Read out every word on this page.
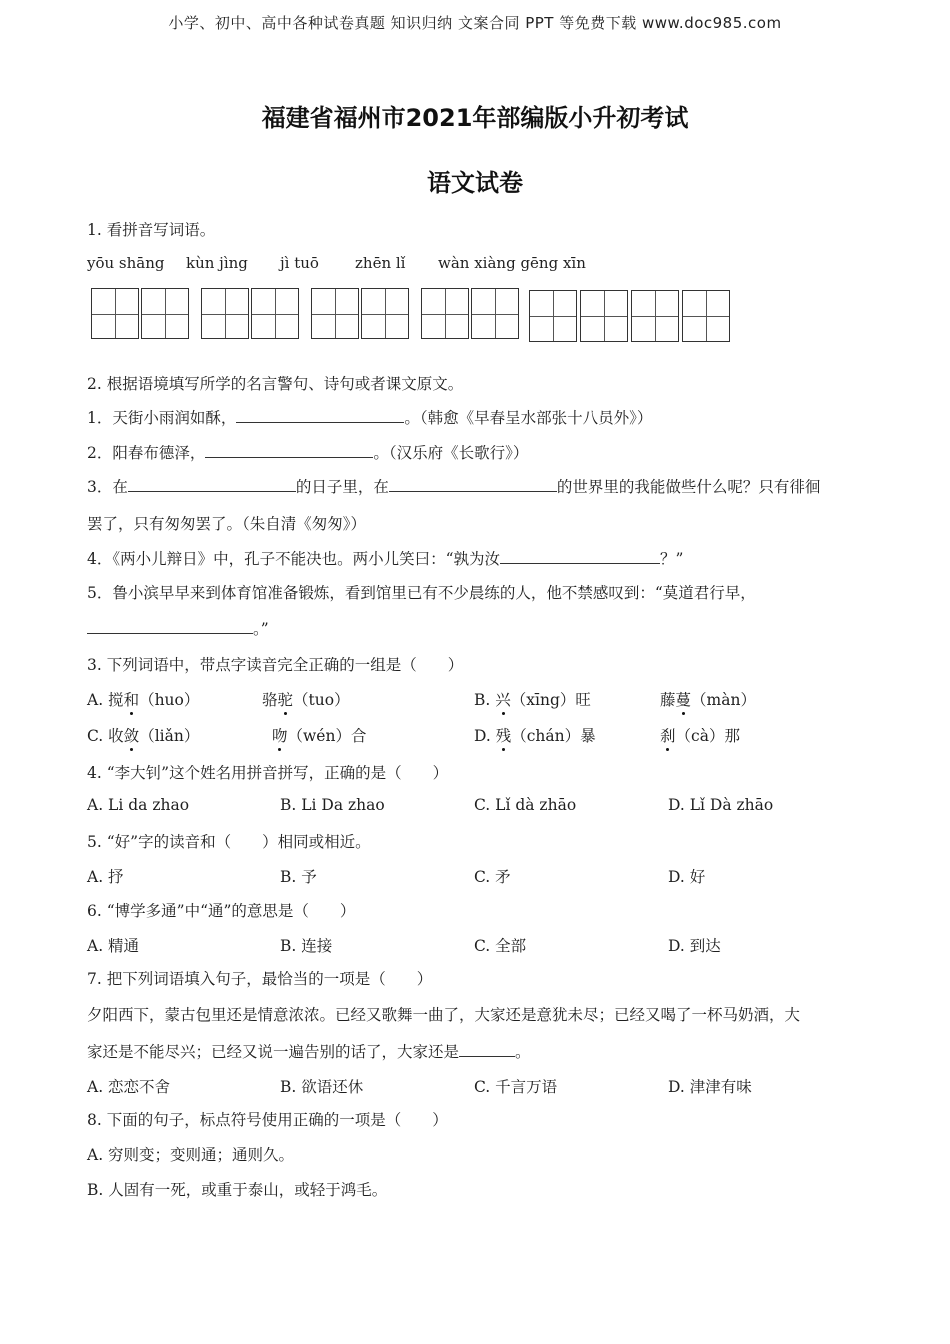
小学、初中、高中各种试卷真题 知识归纳 文案合同 PPT 等免费下载 www.doc985.com
福建省福州市2021年部编版小升初考试
语文试卷
1. 看拼音写词语。
yōu shāng kùn jìng jì tuō zhēn lǐ wàn xiàng gēng xīn
2. 根据语境填写所学的名言警句、诗句或者课文原文。
1．天街小雨润如酥，	。（韩愈《早春呈水部张十八员外》）
2．阳春布德泽，	。（汉乐府《长歌行》）
3．在	的日子里，在	的世界里的我能做些什么呢？只有徘徊
罢了，只有匆匆罢了。（朱自清《匆匆》）
4．《两小儿辩日》中，孔子不能决也。两小儿笑曰：“孰为汝	？”
5．鲁小滨早早来到体育馆准备锻炼，看到馆里已有不少晨练的人，他不禁感叹到：“莫道君行早，
。”
3. 下列词语中，带点字读音完全正确的一组是（　　）
A. 搅和（huo）	骆驼（tuo）	B. 兴（xīng）旺	藤蔓（màn）
C. 收敛（liǎn）	吻（wén）合	D. 残（chán）暴	刹（cà）那
4. “李大钊”这个姓名用拼音拼写，正确的是（　　）
A. Li da zhao	B. Li Da zhao	C. Lǐ dà zhāo	D. Lǐ Dà zhāo
5. “好”字的读音和（　　）相同或相近。
A. 抒	B. 予	C. 矛	D. 好
6. “博学多通”中“通”的意思是（　　）
A. 精通	B. 连接	C. 全部	D. 到达
7. 把下列词语填入句子，最恰当的一项是（　　）
夕阳西下，蒙古包里还是情意浓浓。已经又歌舞一曲了，大家还是意犹未尽；已经又喝了一杯马奶酒，大
家还是不能尽兴；已经又说一遍告别的话了，大家还是	。
A. 恋恋不舍	B. 欲语还休	C. 千言万语	D. 津津有味
8. 下面的句子，标点符号使用正确的一项是（　　）
A. 穷则变；变则通；通则久。
B. 人固有一死，或重于泰山，或轻于鸿毛。
